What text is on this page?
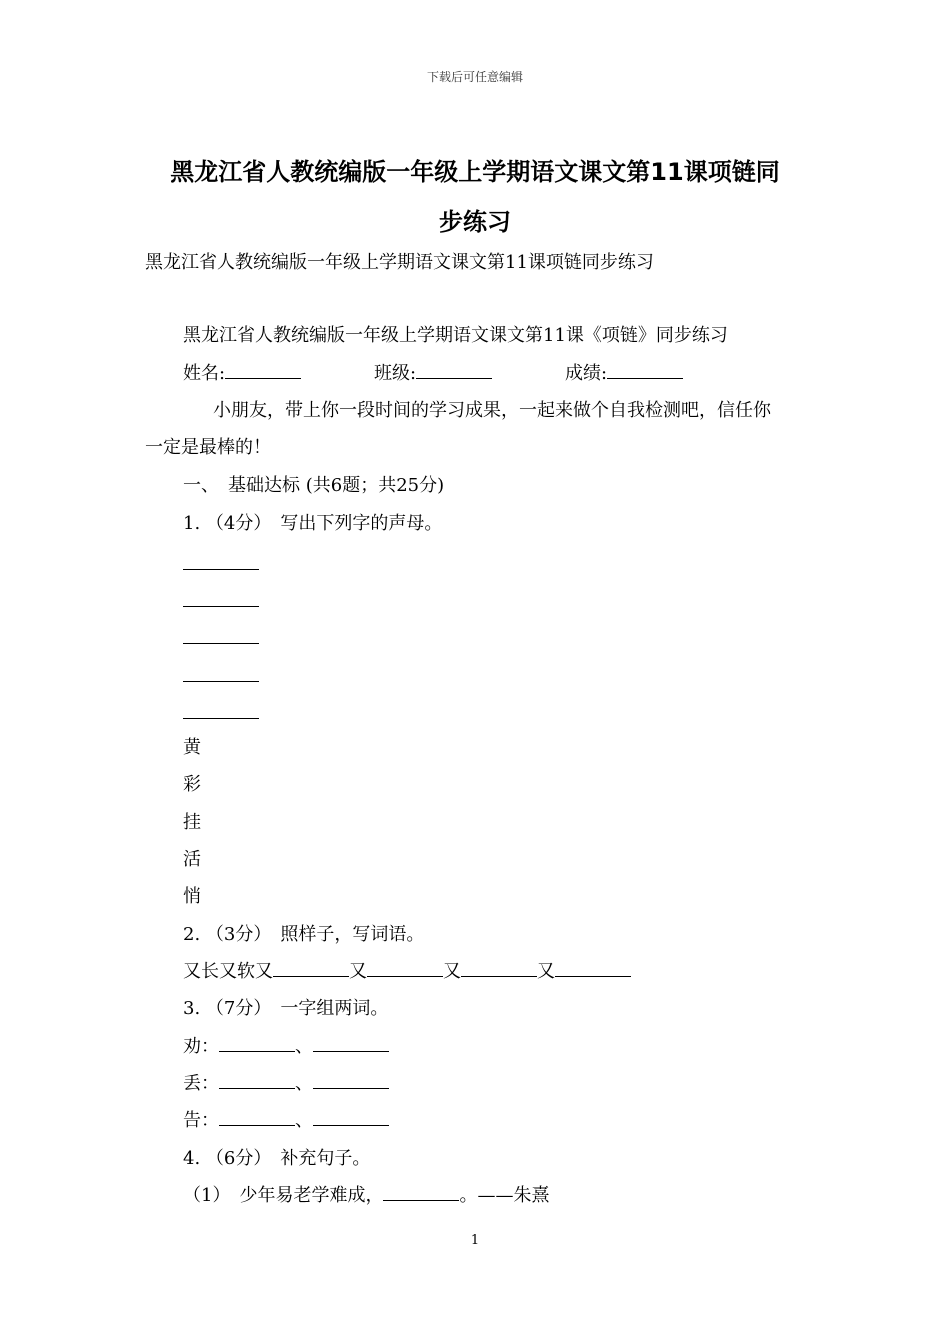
下载后可任意编辑
黑龙江省人教统编版一年级上学期语文课文第11课项链同
步练习
黑龙江省人教统编版一年级上学期语文课文第11课项链同步练习
黑龙江省人教统编版一年级上学期语文课文第11课《项链》同步练习
姓名:	班级:	成绩:
小朋友，带上你一段时间的学习成果，一起来做个自我检测吧，信任你
一定是最棒的！
一、　基础达标 (共6题；共25分)
1. （4分）　写出下列字的声母。
黄
彩
挂
活
悄
2. （3分）　照样子，写词语。
又长又软又	又	又	又
3. （7分）　一字组两词。
劝：	、
丢：	、
告：	、
4. （6分）　补充句子。
（1）　少年易老学难成，	。——朱熹
1
